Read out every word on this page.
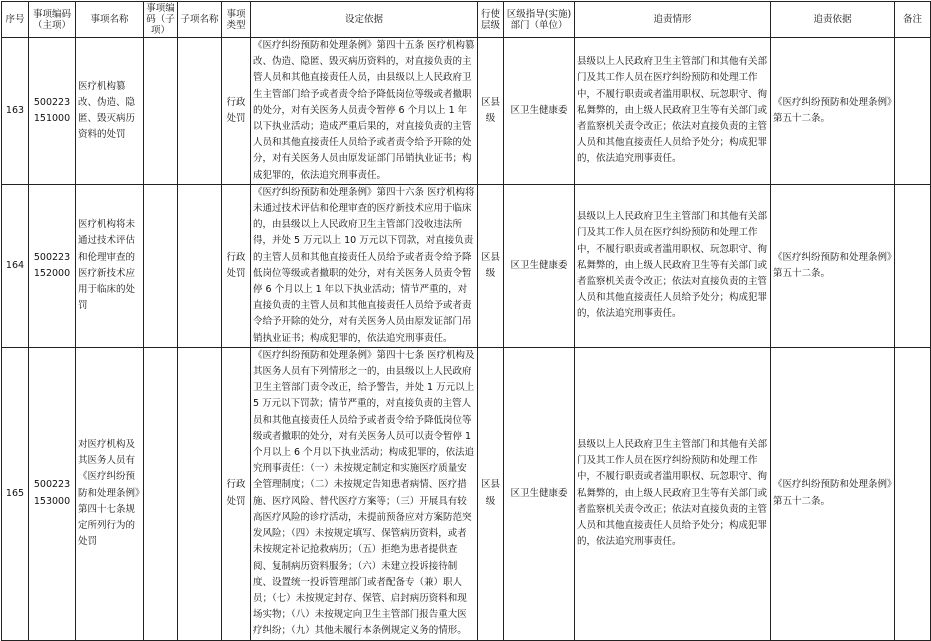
序号	事项编码（主项）	事项名称	事项编码（子项）	子项名称	事项类型	设定依据	行使层级	区级指导(实施)部门（单位）	追责情形	追责依据	备注
163	500223151000	医疗机构篡改、伪造、隐匿、毁灭病历资料的处罚			行政处罚	《医疗纠纷预防和处理条例》第四十五条 医疗机构篡改、伪造、隐匿、毁灭病历资料的，对直接负责的主管人员和其他直接责任人员，由县级以上人民政府卫生主管部门给予或者责令给予降低岗位等级或者撤职的处分，对有关医务人员责令暂停 6 个月以上 1 年以下执业活动；造成严重后果的，对直接负责的主管人员和其他直接责任人员给予或者责令给予开除的处分，对有关医务人员由原发证部门吊销执业证书；构成犯罪的，依法追究刑事责任。	区县级	区卫生健康委	县级以上人民政府卫生主管部门和其他有关部门及其工作人员在医疗纠纷预防和处理工作中，不履行职责或者滥用职权、玩忽职守、徇私舞弊的，由上级人民政府卫生等有关部门或者监察机关责令改正；依法对直接负责的主管人员和其他直接责任人员给予处分；构成犯罪的，依法追究刑事责任。	《医疗纠纷预防和处理条例》第五十二条。	
164	500223152000	医疗机构将未通过技术评估和伦理审查的医疗新技术应用于临床的处罚			行政处罚	《医疗纠纷预防和处理条例》第四十六条 医疗机构将未通过技术评估和伦理审查的医疗新技术应用于临床的，由县级以上人民政府卫生主管部门没收违法所得，并处 5 万元以上 10 万元以下罚款，对直接负责的主管人员和其他直接责任人员给予或者责令给予降低岗位等级或者撤职的处分，对有关医务人员责令暂停 6 个月以上 1 年以下执业活动；情节严重的，对直接负责的主管人员和其他直接责任人员给予或者责令给予开除的处分，对有关医务人员由原发证部门吊销执业证书；构成犯罪的，依法追究刑事责任。	区县级	区卫生健康委	县级以上人民政府卫生主管部门和其他有关部门及其工作人员在医疗纠纷预防和处理工作中，不履行职责或者滥用职权、玩忽职守、徇私舞弊的，由上级人民政府卫生等有关部门或者监察机关责令改正；依法对直接负责的主管人员和其他直接责任人员给予处分；构成犯罪的，依法追究刑事责任。	《医疗纠纷预防和处理条例》第五十二条。	
165	500223153000	对医疗机构及其医务人员有《医疗纠纷预防和处理条例》第四十七条规定所列行为的处罚			行政处罚	《医疗纠纷预防和处理条例》第四十七条 医疗机构及其医务人员有下列情形之一的，由县级以上人民政府卫生主管部门责令改正，给予警告，并处 1 万元以上 5 万元以下罚款；情节严重的，对直接负责的主管人员和其他直接责任人员给予或者责令给予降低岗位等级或者撤职的处分，对有关医务人员可以责令暂停 1 个月以上 6 个月以下执业活动；构成犯罪的，依法追究刑事责任：（一）未按规定制定和实施医疗质量安全管理制度；（二）未按规定告知患者病情、医疗措施、医疗风险、替代医疗方案等；（三）开展具有较高医疗风险的诊疗活动，未提前预备应对方案防范突发风险；（四）未按规定填写、保管病历资料，或者未按规定补记抢救病历；（五）拒绝为患者提供查阅、复制病历资料服务；（六）未建立投诉接待制度、设置统一投诉管理部门或者配备专（兼）职人员；（七）未按规定封存、保管、启封病历资料和现场实物；（八）未按规定向卫生主管部门报告重大医疗纠纷；（九）其他未履行本条例规定义务的情形。	区县级	区卫生健康委	县级以上人民政府卫生主管部门和其他有关部门及其工作人员在医疗纠纷预防和处理工作中，不履行职责或者滥用职权、玩忽职守、徇私舞弊的，由上级人民政府卫生等有关部门或者监察机关责令改正；依法对直接负责的主管人员和其他直接责任人员给予处分；构成犯罪的，依法追究刑事责任。	《医疗纠纷预防和处理条例》第五十二条。	
